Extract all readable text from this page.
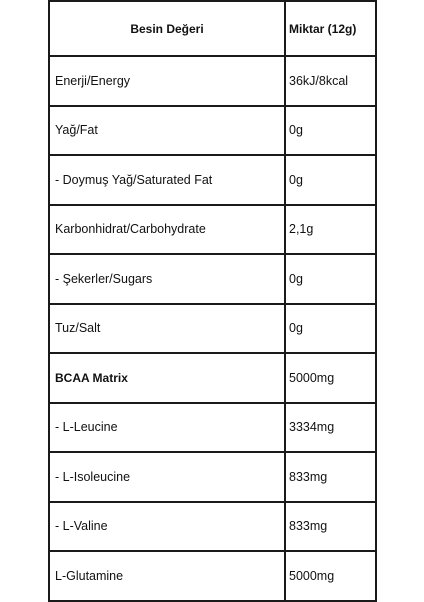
Besin Değeri	Miktar (12g)
Enerji/Energy	36kJ/8kcal
Yağ/Fat	0g
- Doymuş Yağ/Saturated Fat	0g
Karbonhidrat/Carbohydrate	2,1g
- Şekerler/Sugars	0g
Tuz/Salt	0g
BCAA Matrix	5000mg
- L-Leucine	3334mg
- L-Isoleucine	833mg
- L-Valine	833mg
L-Glutamine	5000mg
